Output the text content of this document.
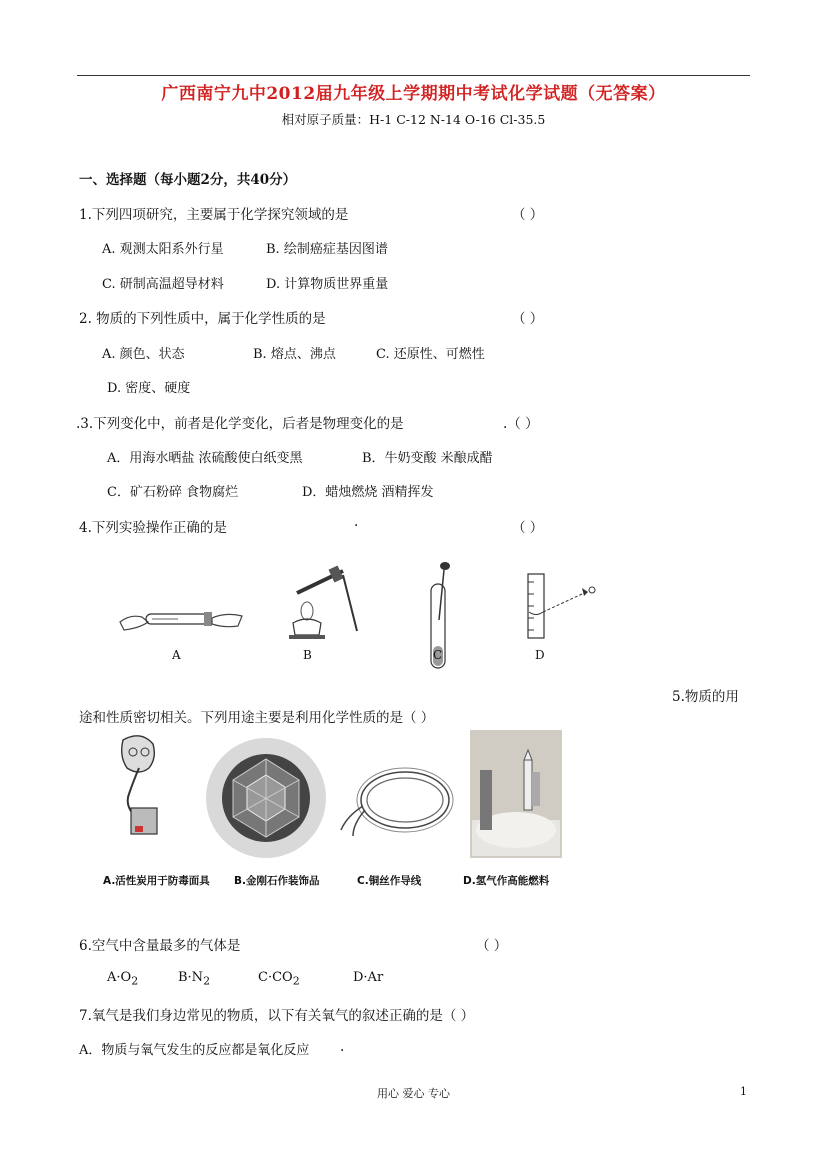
广西南宁九中2012届九年级上学期期中考试化学试题（无答案）
相对原子质量：H-1 C-12 N-14 O-16 Cl-35.5
一、选择题（每小题2分，共40分）
1.下列四项研究，主要属于化学探究领域的是	（ ）
A. 观测太阳系外行星	B. 绘制癌症基因图谱
C. 研制高温超导材料	D. 计算物质世界重量
2. 物质的下列性质中，属于化学性质的是	（ ）
A. 颜色、状态	B. 熔点、沸点	C. 还原性、可燃性
D. 密度、硬度
.3.下列变化中，前者是化学变化，后者是物理变化的是	.（ ）
A．用海水晒盐 浓硫酸使白纸变黑	B．牛奶变酸 米酿成醋
C．矿石粉碎 食物腐烂	D．蜡烛燃烧 酒精挥发
4.下列实验操作正确的是	.	（ ）
A	B	C	D
5.物质的用
途和性质密切相关。下列用途主要是利用化学性质的是（ ）
A.活性炭用于防毒面具 B.金刚石作装饰品	C.铜丝作导线	D.氢气作高能燃料
6.空气中含量最多的气体是	（ ）
$A\cdot O_2$	$B\cdot N_2$	$C\cdot CO_2$	D·Ar
7.氧气是我们身边常见的物质，以下有关氧气的叙述正确的是（ ）
A．物质与氧气发生的反应都是氧化反应 .
用心 爱心 专心	1
